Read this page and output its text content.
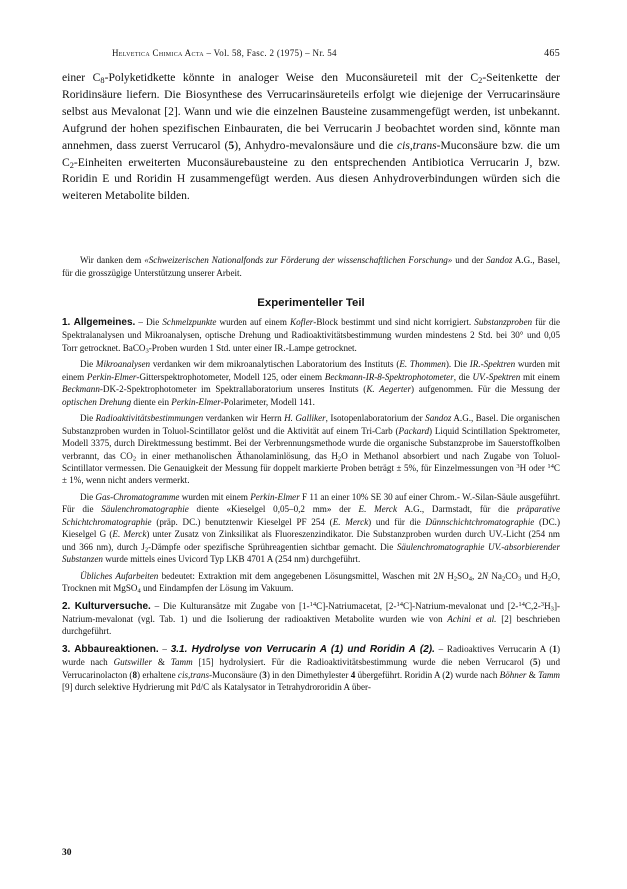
Helvetica Chimica Acta – Vol. 58, Fasc. 2 (1975) – Nr. 54	465

einer $C_8$-Polyketidkette könnte in analoger Weise den Muconsäureteil mit der $C_2$-Seitenkette der Roridinsäure liefern. Die Biosynthese des Verrucarinsäureteils erfolgt wie diejenige der Verrucarinsäure selbst aus Mevalonat [2]. Wann und wie die einzelnen Bausteine zusammengefügt werden, ist unbekannt. Aufgrund der hohen spezifischen Einbauraten, die bei Verrucarin J beobachtet worden sind, könnte man annehmen, dass zuerst Verrucarol (5), Anhydro-mevalonsäure und die cis,trans-Muconsäure bzw. die um $C_2$-Einheiten erweiterten Muconsäurebausteine zu den entsprechenden Antibiotica Verrucarin J, bzw. Roridin E und Roridin H zusammengefügt werden. Aus diesen Anhydroverbindungen würden sich die weiteren Metabolite bilden.

Wir danken dem «Schweizerischen Nationalfonds zur Förderung der wissenschaftlichen Forschung» und der Sandoz A.G., Basel, für die grosszügige Unterstützung unserer Arbeit.

Experimenteller Teil

1. Allgemeines. – Die Schmelzpunkte wurden auf einem Kofler-Block bestimmt und sind nicht korrigiert. Substanzproben für die Spektralanalysen und Mikroanalysen, optische Drehung und Radioaktivitätsbestimmung wurden mindestens 2 Std. bei 30° und 0,05 Torr getrocknet. BaCO$_3$-Proben wurden 1 Std. unter einer IR.-Lampe getrocknet.

Die Mikroanalysen verdanken wir dem mikroanalytischen Laboratorium des Instituts (E. Thommen). Die IR.-Spektren wurden mit einem Perkin-Elmer-Gitterspektrophotometer, Modell 125, oder einem Beckmann-IR-8-Spektrophotometer, die UV.-Spektren mit einem Beckmann-DK-2-Spektrophotometer im Spektrallaboratorium unseres Instituts (K. Aegerter) aufgenommen. Für die Messung der optischen Drehung diente ein Perkin-Elmer-Polarimeter, Modell 141.

Die Radioaktivitätsbestimmungen verdanken wir Herrn H. Galliker, Isotopenlaboratorium der Sandoz A.G., Basel. Die organischen Substanzproben wurden in Toluol-Scintillator gelöst und die Aktivität auf einem Tri-Carb (Packard) Liquid Scintillation Spektrometer, Modell 3375, durch Direktmessung bestimmt. Bei der Verbrennungsmethode wurde die organische Substanzprobe im Sauerstoffkolben verbrannt, das $CO_2$ in einer methanolischen Äthanolaminlösung, das $H_2O$ in Methanol absorbiert und nach Zugabe von Toluol-Scintillator vermessen. Die Genauigkeit der Messung für doppelt markierte Proben beträgt ± 5%, für Einzelmessungen von $^3$H oder $^{14}$C ± 1%, wenn nicht anders vermerkt.

Die Gas-Chromatogramme wurden mit einem Perkin-Elmer F 11 an einer 10% SE 30 auf einer Chrom.- W.-Silan-Säule ausgeführt. Für die Säulenchromatographie diente «Kieselgel 0,05–0,2 mm» der E. Merck A.G., Darmstadt, für die präparative Schichtchromatographie (präp. DC.) benutztenwir Kieselgel PF 254 (E. Merck) und für die Dünnschichtchromatographie (DC.) Kieselgel G (E. Merck) unter Zusatz von Zinksilikat als Fluoreszenzindikator. Die Substanzproben wurden durch UV.-Licht (254 nm und 366 nm), durch $J_2$-Dämpfe oder spezifische Sprühreagentien sichtbar gemacht. Die Säulenchromatographie UV.-absorbierender Substanzen wurde mittels eines Uvicord Typ LKB 4701 A (254 nm) durchgeführt.

Übliches Aufarbeiten bedeutet: Extraktion mit dem angegebenen Lösungsmittel, Waschen mit 2N $H_2SO_4$, 2N $Na_2CO_3$ und $H_2O$, Trocknen mit MgSO$_4$ und Eindampfen der Lösung im Vakuum.

2. Kulturversuche. – Die Kulturansätze mit Zugabe von [1-$^{14}$C]-Natriumacetat, [2-$^{14}$C]-Natrium-mevalonat und $[2-^{14}C,2-^3H_3]-Natrium$-mevalonat (vgl. Tab. 1) und die Isolierung der radioaktiven Metabolite wurden wie von Achini et al. [2] beschrieben durchgeführt.

3. Abbaureaktionen. – 3.1. Hydrolyse von Verrucarin A (1) und Roridin A (2). – Radioaktives Verrucarin A (1) wurde nach Gutswiller & Tamm [15] hydrolysiert. Für die Radioaktivitätsbestimmung wurde die neben Verrucarol (5) und Verrucarinolacton (8) erhaltene cis,trans-Muconsäure (3) in den Dimethylester 4 übergeführt. Roridin A (2) wurde nach Böhner & Tamm [9] durch selektive Hydrierung mit Pd/C als Katalysator in Tetrahydrororidin A über-

30
